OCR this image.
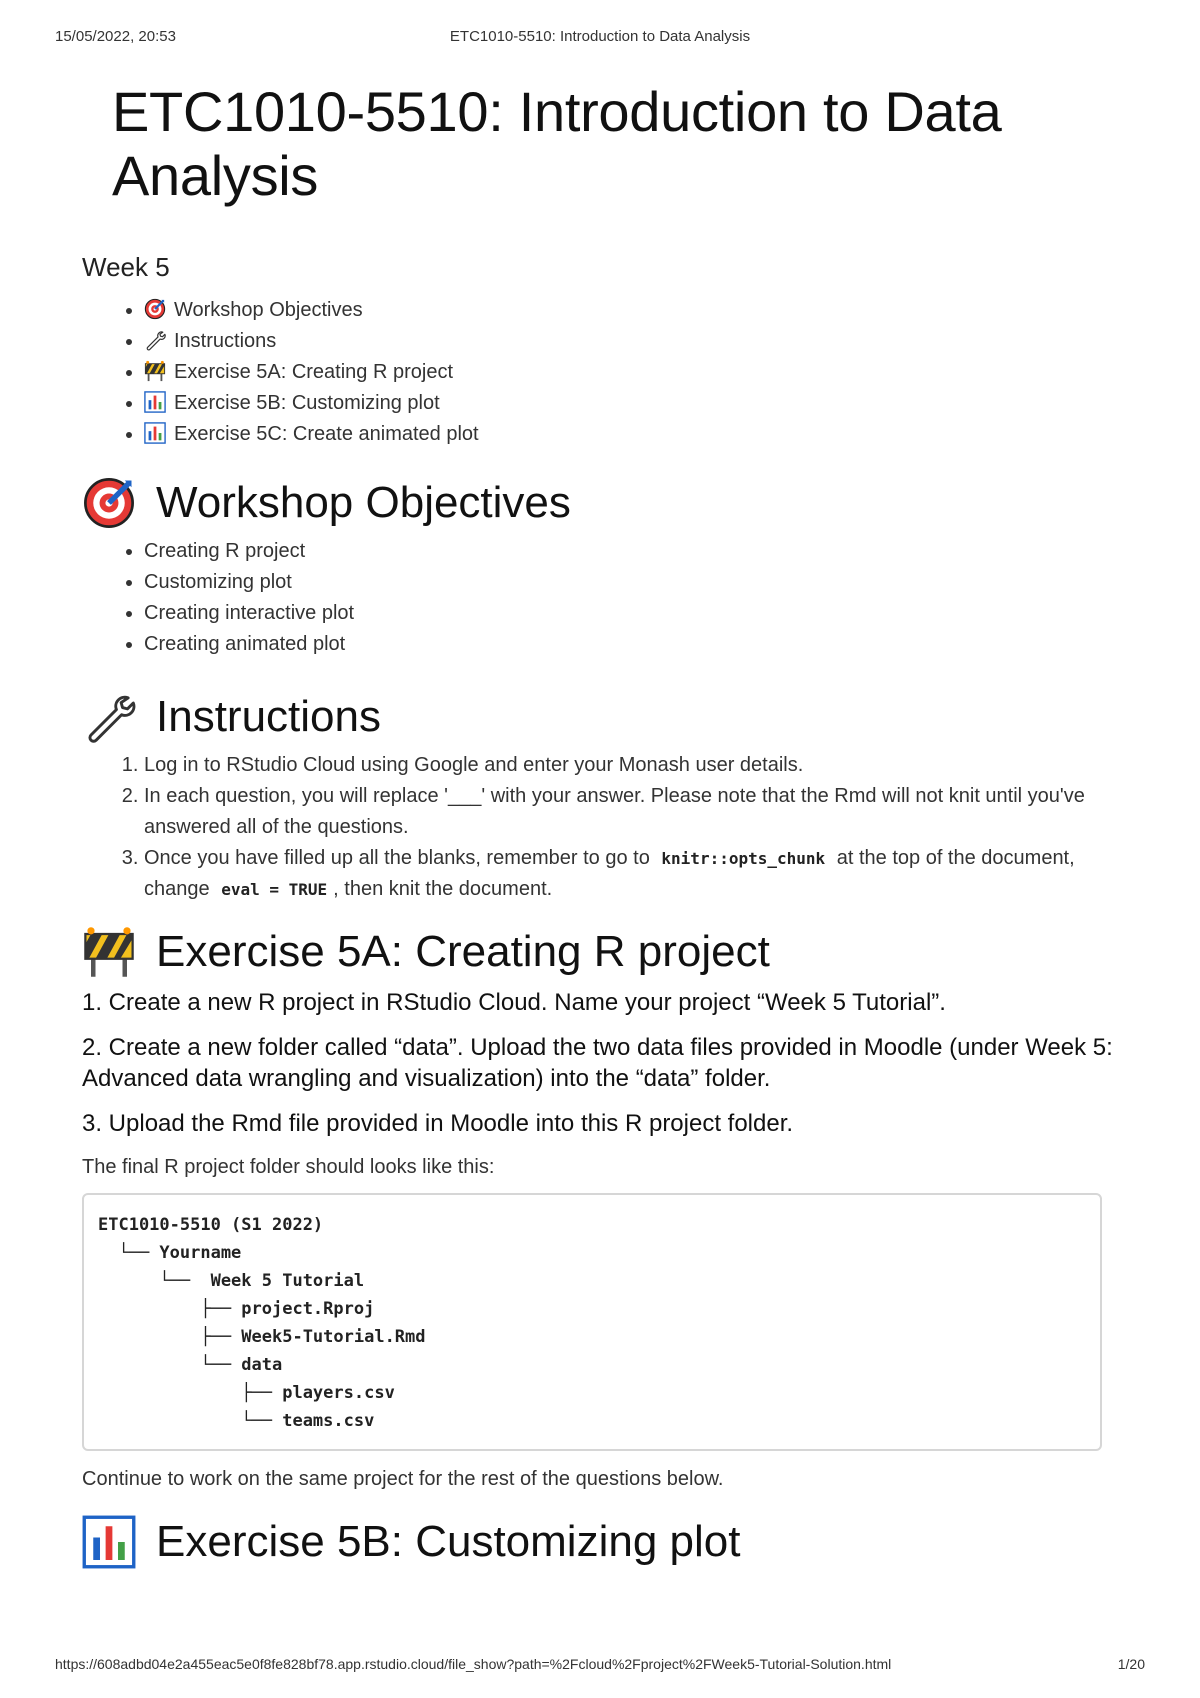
15/05/2022, 20:53	ETC1010-5510: Introduction to Data Analysis
ETC1010-5510: Introduction to Data Analysis
Week 5
• Workshop Objectives
• Instructions
• Exercise 5A: Creating R project
• Exercise 5B: Customizing plot
• Exercise 5C: Create animated plot
Workshop Objectives
• Creating R project
• Customizing plot
• Creating interactive plot
• Creating animated plot
Instructions
1. Log in to RStudio Cloud using Google and enter your Monash user details.
2. In each question, you will replace '___' with your answer. Please note that the Rmd will not knit until you've answered all of the questions.
3. Once you have filled up all the blanks, remember to go to knitr::opts_chunk at the top of the document, change eval = TRUE , then knit the document.
Exercise 5A: Creating R project
1. Create a new R project in RStudio Cloud. Name your project “Week 5 Tutorial”.
2. Create a new folder called “data”. Upload the two data files provided in Moodle (under Week 5: Advanced data wrangling and visualization) into the “data” folder.
3. Upload the Rmd file provided in Moodle into this R project folder.

The final R project folder should looks like this:

ETC1010-5510 (S1 2022)
└── Yourname
└──  Week 5 Tutorial
├── project.Rproj
├── Week5-Tutorial.Rmd
└── data
├── players.csv
└── teams.csv

Continue to work on the same project for the rest of the questions below.

Exercise 5B: Customizing plot
https://608adbd04e2a455eac5e0f8fe828bf78.app.rstudio.cloud/file_show?path=%2Fcloud%2Fproject%2FWeek5-Tutorial-Solution.html	1/20
